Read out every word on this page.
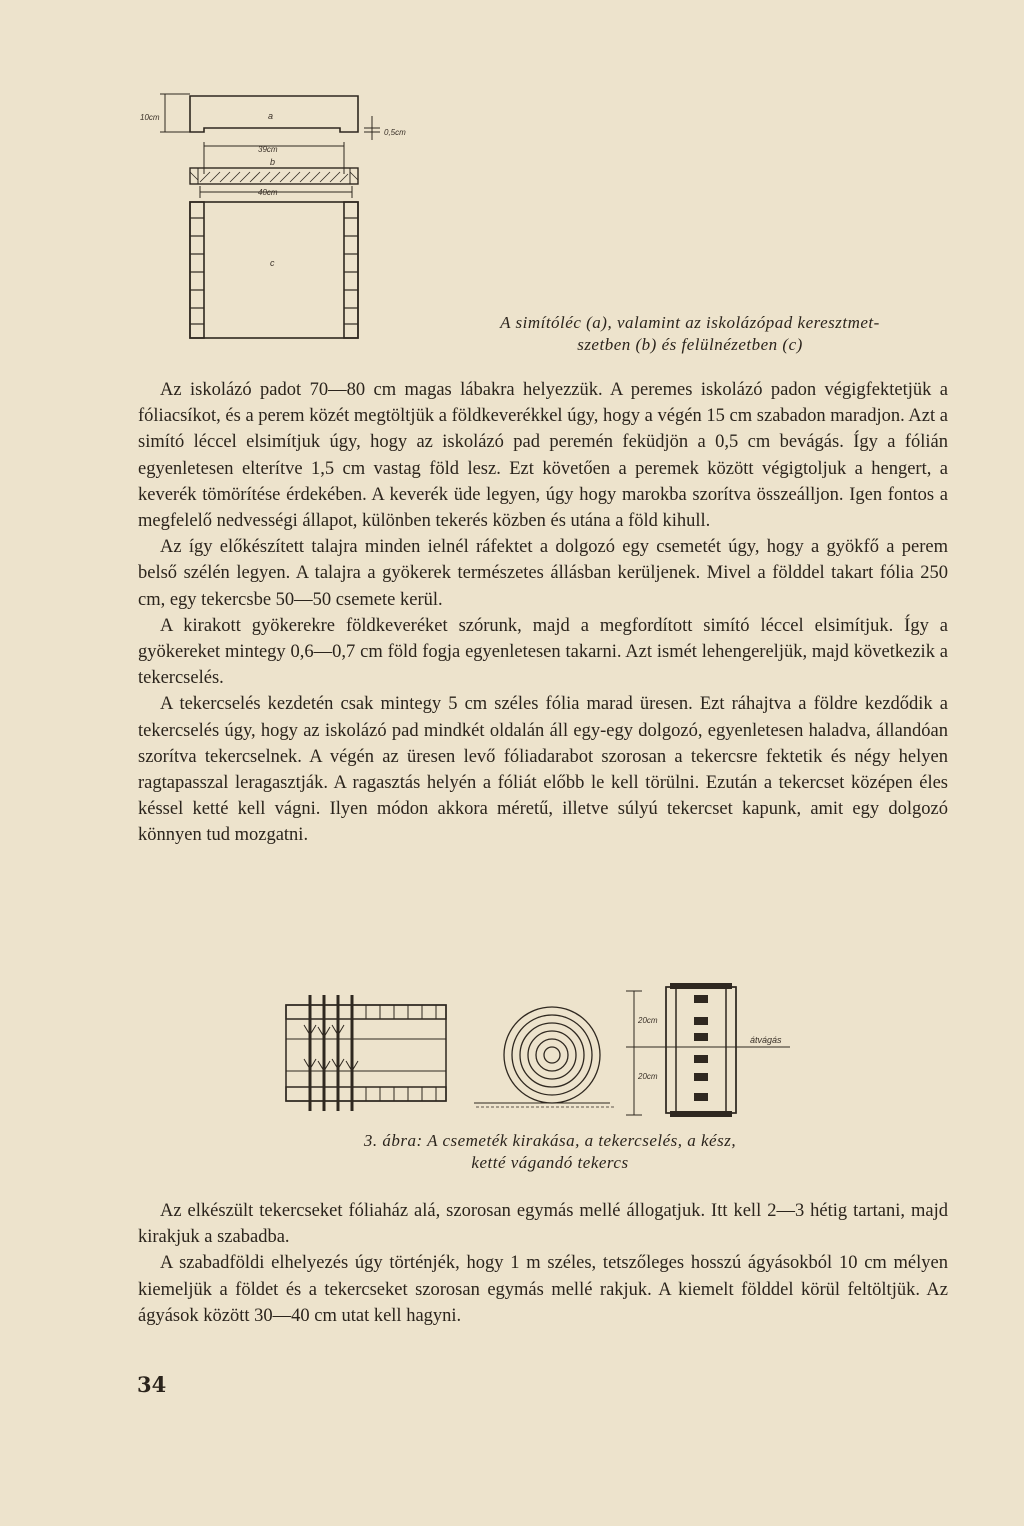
a
10cm
0,5cm
39cm
b
40cm
c
A simítóléc (a), valamint az iskolázópad keresztmet-
szetben (b) és felülnézetben (c)

Az iskolázó padot 70—80 cm magas lábakra helyezzük. A peremes iskolázó padon végigfektetjük a fóliacsíkot, és a perem közét megtöltjük a földkeverékkel úgy, hogy a végén 15 cm szabadon maradjon. Azt a simító léccel elsimítjuk úgy, hogy az iskolázó pad peremén feküdjön a 0,5 cm bevágás. Így a fólián egyenletesen elterítve 1,5 cm vastag föld lesz. Ezt követően a peremek között végigtoljuk a hengert, a keverék tömörítése érdekében. A keverék üde legyen, úgy hogy marokba szorítva összeálljon. Igen fontos a megfelelő nedvességi állapot, különben tekerés közben és utána a föld kihull.

Az így előkészített talajra minden ielnél ráfektet a dolgozó egy csemetét úgy, hogy a gyökfő a perem belső szélén legyen. A talajra a gyökerek természetes állásban kerüljenek. Mivel a földdel takart fólia 250 cm, egy tekercsbe 50—50 csemete kerül.

A kirakott gyökerekre földkeveréket szórunk, majd a megfordított simító léccel elsimítjuk. Így a gyökereket mintegy 0,6—0,7 cm föld fogja egyenletesen takarni. Azt ismét lehengereljük, majd következik a tekercselés.

A tekercselés kezdetén csak mintegy 5 cm széles fólia marad üresen. Ezt ráhajtva a földre kezdődik a tekercselés úgy, hogy az iskolázó pad mindkét oldalán áll egy-egy dolgozó, egyenletesen haladva, állandóan szorítva tekercselnek. A végén az üresen levő fóliadarabot szorosan a tekercsre fektetik és négy helyen ragtapasszal leragasztják. A ragasztás helyén a fóliát előbb le kell törülni. Ezután a tekercset középen éles késsel ketté kell vágni. Ilyen módon akkora méretű, illetve súlyú tekercset kapunk, amit egy dolgozó könnyen tud mozgatni.

20cm
20cm
átvágás
3. ábra: A csemeték kirakása, a tekercselés, a kész,
ketté vágandó tekercs

Az elkészült tekercseket fóliaház alá, szorosan egymás mellé állogatjuk. Itt kell 2—3 hétig tartani, majd kirakjuk a szabadba.

A szabadföldi elhelyezés úgy történjék, hogy 1 m széles, tetszőleges hosszú ágyásokból 10 cm mélyen kiemeljük a földet és a tekercseket szorosan egymás mellé rakjuk. A kiemelt földdel körül feltöltjük. Az ágyások között 30—40 cm utat kell hagyni.

34
